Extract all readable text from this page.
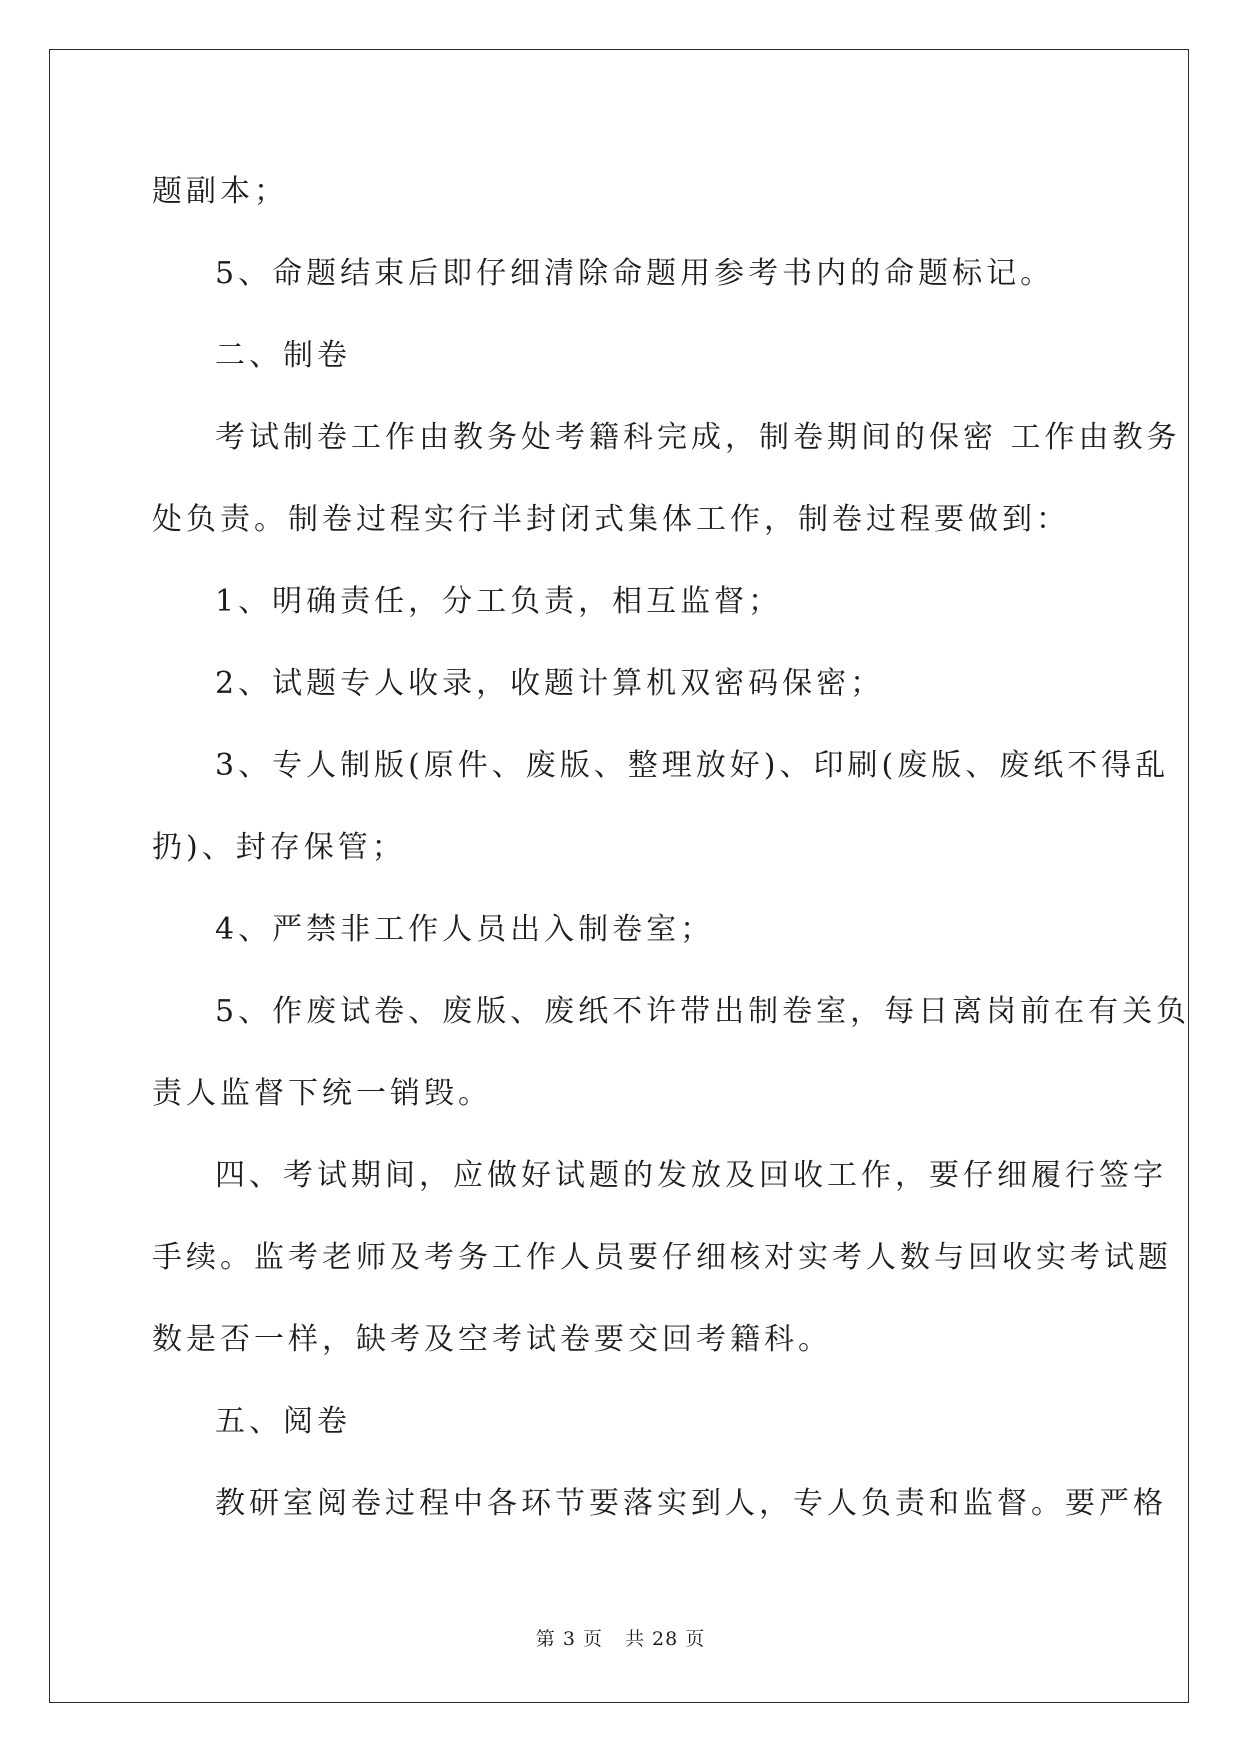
题副本；

5、命题结束后即仔细清除命题用参考书内的命题标记。

二、制卷

考试制卷工作由教务处考籍科完成，制卷期间的保密 工作由教务

处负责。制卷过程实行半封闭式集体工作，制卷过程要做到：

1、明确责任，分工负责，相互监督；

2、试题专人收录，收题计算机双密码保密；

3、专人制版(原件、废版、整理放好)、印刷(废版、废纸不得乱

扔)、封存保管；

4、严禁非工作人员出入制卷室；

5、作废试卷、废版、废纸不许带出制卷室，每日离岗前在有关负

责人监督下统一销毁。

四、考试期间，应做好试题的发放及回收工作，要仔细履行签字

手续。监考老师及考务工作人员要仔细核对实考人数与回收实考试题

数是否一样，缺考及空考试卷要交回考籍科。

五、阅卷

教研室阅卷过程中各环节要落实到人，专人负责和监督。要严格

第 3 页 共 28 页
